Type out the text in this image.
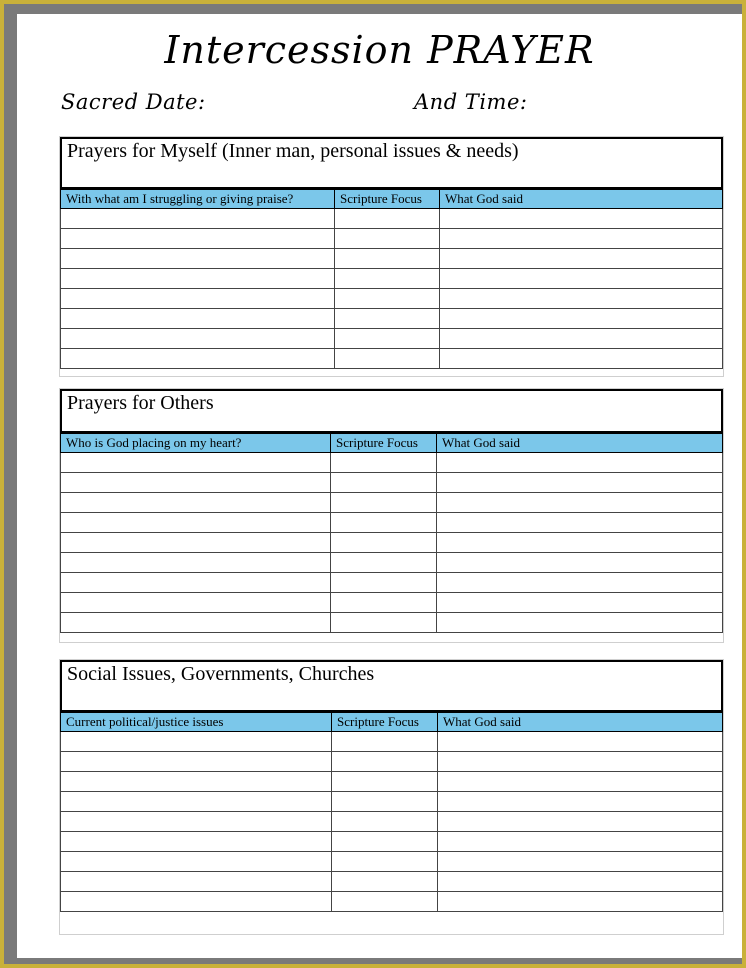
Intercession PRAYER
Sacred Date:	And Time:
Prayers for Myself (Inner man, personal issues & needs)
With what am I struggling or giving praise?	Scripture Focus	What God said

Prayers for Others
Who is God placing on my heart?	Scripture Focus	What God said

Social Issues, Governments, Churches
Current political/justice issues	Scripture Focus	What God said
